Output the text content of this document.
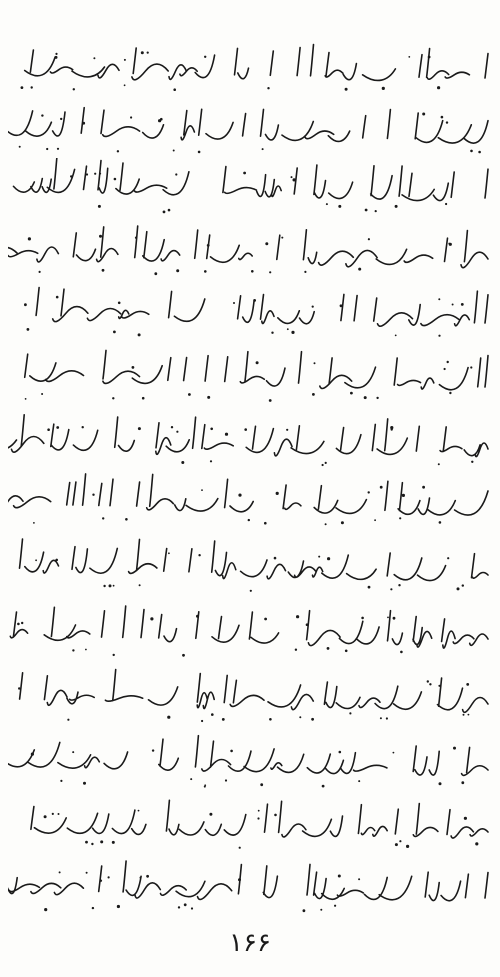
۱۶۶
